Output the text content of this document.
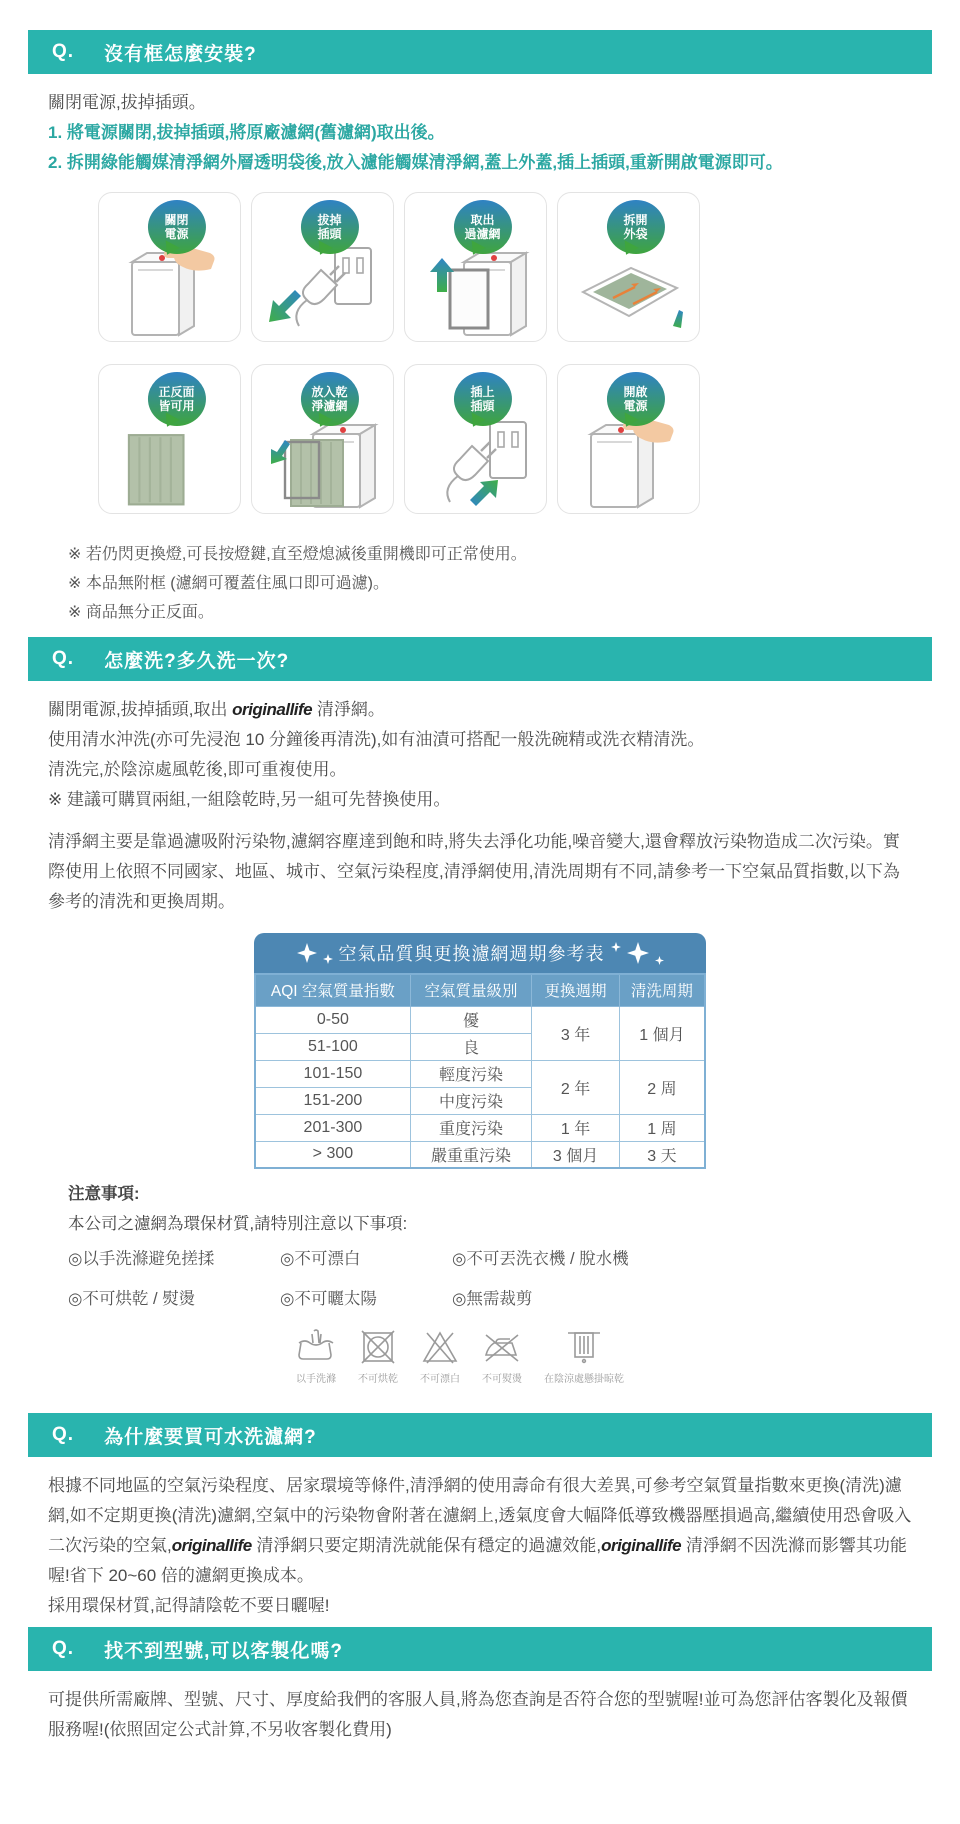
Q. 沒有框怎麼安裝?

關閉電源,拔掉插頭。

1. 將電源關閉,拔掉插頭,將原廠濾網(舊濾網)取出後。

2. 拆開綠能觸媒清淨網外層透明袋後,放入濾能觸媒清淨網,蓋上外蓋,插上插頭,重新開啟電源即可。

關閉
電源
拔掉
插頭
取出
過濾網
拆開
外袋
正反面
皆可用
放入乾
淨濾網
插上
插頭
開啟
電源

※ 若仍閃更換燈,可長按燈鍵,直至燈熄滅後重開機即可正常使用。

※ 本品無附框 (濾網可覆蓋住風口即可過濾)。

※ 商品無分正反面。

Q. 怎麼洗?多久洗一次?

關閉電源,拔掉插頭,取出 originallife 清淨網。

使用清水沖洗(亦可先浸泡 10 分鐘後再清洗),如有油漬可搭配一般洗碗精或洗衣精清洗。

清洗完,於陰涼處風乾後,即可重複使用。

※ 建議可購買兩組,一組陰乾時,另一組可先替換使用。

清淨網主要是靠過濾吸附污染物,濾網容塵達到飽和時,將失去淨化功能,噪音變大,還會釋放污染物造成二次污染。實際使用上依照不同國家、地區、城市、空氣污染程度,清淨網使用,清洗周期有不同,請參考一下空氣品質指數,以下為參考的清洗和更換周期。

空氣品質與更換濾網週期參考表
AQI 空氣質量指數	空氣質量級別	更換週期	清洗周期
0-50	優	3 年	1 個月
51-100	良		
101-150	輕度污染	2 年	2 周
151-200	中度污染		
201-300	重度污染	1 年	1 周
> 300	嚴重重污染	3 個月	3 天
注意事項:
本公司之濾網為環保材質,請特別注意以下事項:
◎以手洗滌避免搓揉	◎不可漂白	◎不可丟洗衣機 / 脫水機
◎不可烘乾 / 熨燙	◎不可曬太陽	◎無需裁剪
以手洗滌 不可烘乾 不可漂白 不可熨燙 在陰涼處懸掛晾乾
Q. 為什麼要買可水洗濾網?

根據不同地區的空氣污染程度、居家環境等條件,清淨網的使用壽命有很大差異,可參考空氣質量指數來更換(清洗)濾網,如不定期更換(清洗)濾網,空氣中的污染物會附著在濾網上,透氣度會大幅降低導致機器壓損過高,繼續使用恐會吸入二次污染的空氣,originallife 清淨網只要定期清洗就能保有穩定的過濾效能,originallife 清淨網不因洗滌而影響其功能喔!省下 20~60 倍的濾網更換成本。

採用環保材質,記得請陰乾不要日曬喔!

Q. 找不到型號,可以客製化嗎?

可提供所需廠牌、型號、尺寸、厚度給我們的客服人員,將為您查詢是否符合您的型號喔!並可為您評估客製化及報價服務喔!(依照固定公式計算,不另收客製化費用)
